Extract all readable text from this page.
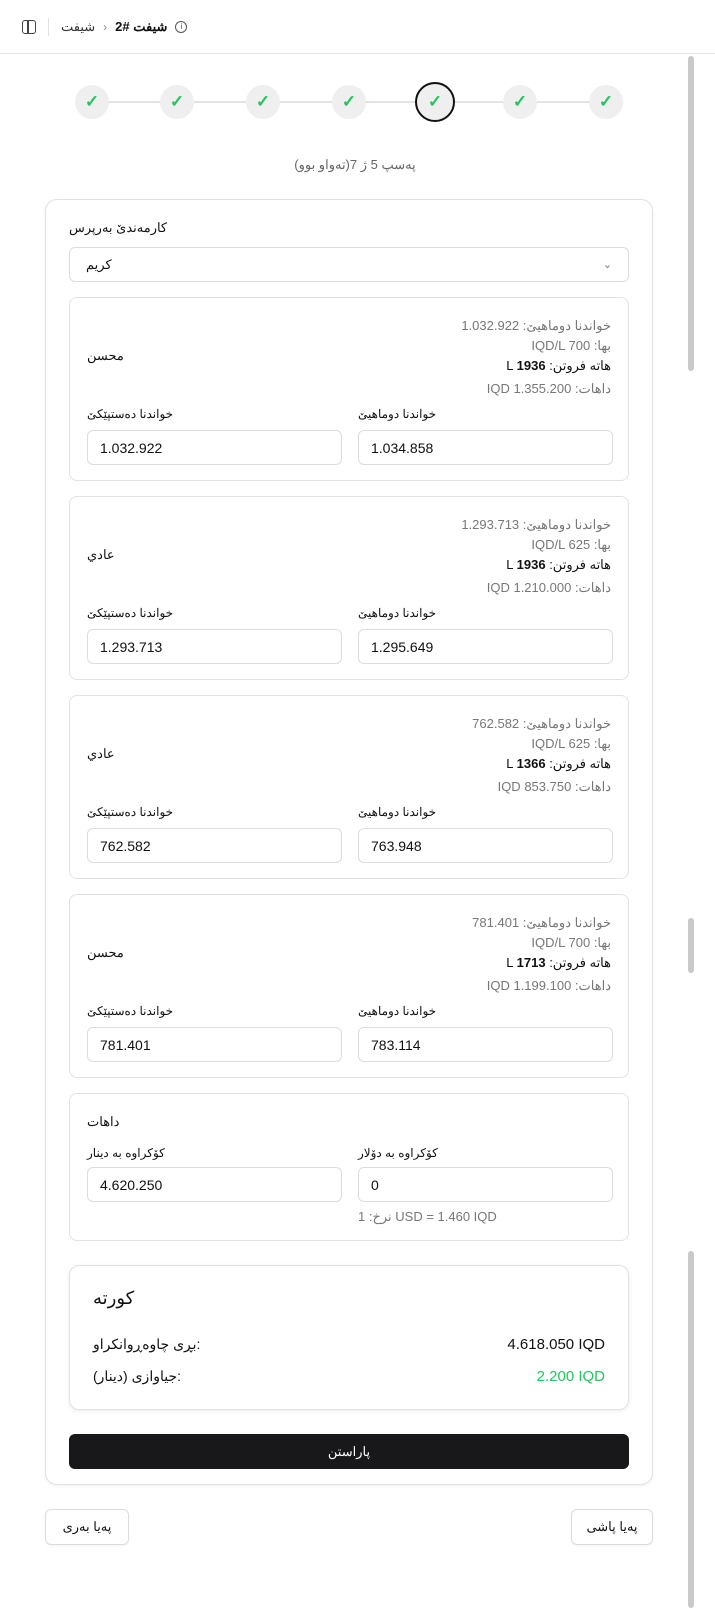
شیفت › شیفت #2	i
✓	✓	✓	✓	✓	✓	✓
پەسپ 5 ژ 7(تەواو بوو)
کارمەندێ بەرپرس
کریم	⌄
خواندنا دوماهیێ: 1.032.922
IQD/L بها: 700
L هاتە فروتن: 1936
IQD داهات: 1.355.200
محسن
خواندنا دەستپێکێ	خواندنا دوماهیێ
1.032.922	1.034.858
خواندنا دوماهیێ: 1.293.713
IQD/L بها: 625
L هاتە فروتن: 1936
IQD داهات: 1.210.000
عادي
خواندنا دەستپێکێ	خواندنا دوماهیێ
1.293.713	1.295.649
خواندنا دوماهیێ: 762.582
IQD/L بها: 625
L هاتە فروتن: 1366
IQD داهات: 853.750
عادي
خواندنا دەستپێکێ	خواندنا دوماهیێ
762.582	763.948
خواندنا دوماهیێ: 781.401
IQD/L بها: 700
L هاتە فروتن: 1713
IQD داهات: 1.199.100
محسن
خواندنا دەستپێکێ	خواندنا دوماهیێ
781.401	783.114
داهات
کۆکراوە بە دینار	کۆکراوە بە دۆلار
4.620.250	0
1 :نرخ USD = 1.460 IQD
کورتە
بڕی چاوەڕوانکراو:	4.618.050 IQD
جیاوازی (دینار):	2.200 IQD
پاراستن
پەیا بەری	پەیا پاشی
